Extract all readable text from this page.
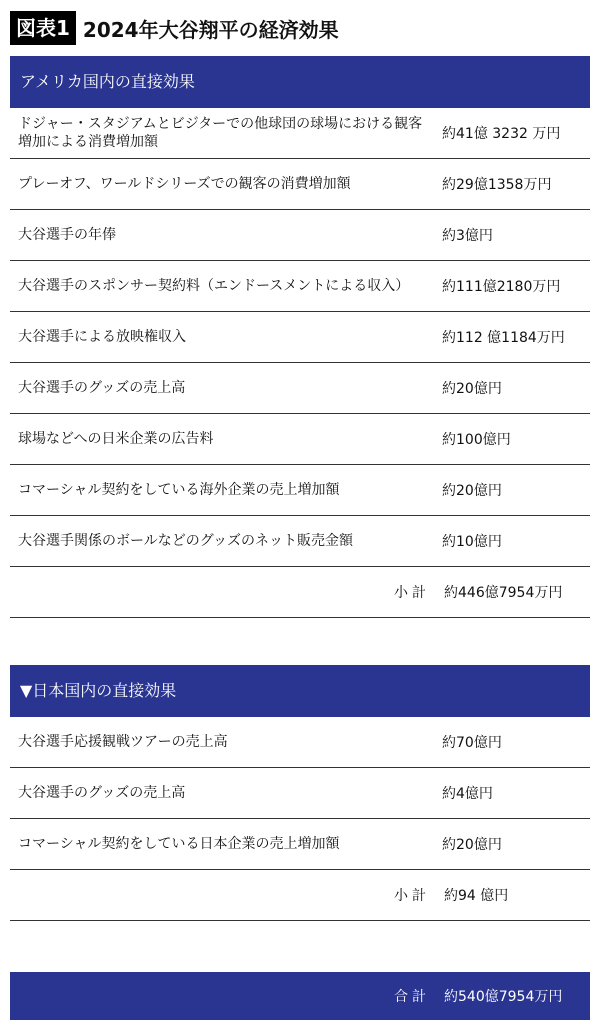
図表1 2024年大谷翔平の経済効果
アメリカ国内の直接効果
ドジャー・スタジアムとビジターでの他球団の球場における観客増加による消費増加額	約41億 3232 万円
プレーオフ、ワールドシリーズでの観客の消費増加額	約29億1358万円
大谷選手の年俸	約3億円
大谷選手のスポンサー契約料（エンドースメントによる収入）	約111億2180万円
大谷選手による放映権収入	約112 億1184万円
大谷選手のグッズの売上高	約20億円
球場などへの日米企業の広告料	約100億円
コマーシャル契約をしている海外企業の売上増加額	約20億円
大谷選手関係のボールなどのグッズのネット販売金額	約10億円
小計	約446億7954万円
▼日本国内の直接効果
大谷選手応援観戦ツアーの売上高	約70億円
大谷選手のグッズの売上高	約4億円
コマーシャル契約をしている日本企業の売上増加額	約20億円
小計	約94 億円
合計	約540億7954万円
